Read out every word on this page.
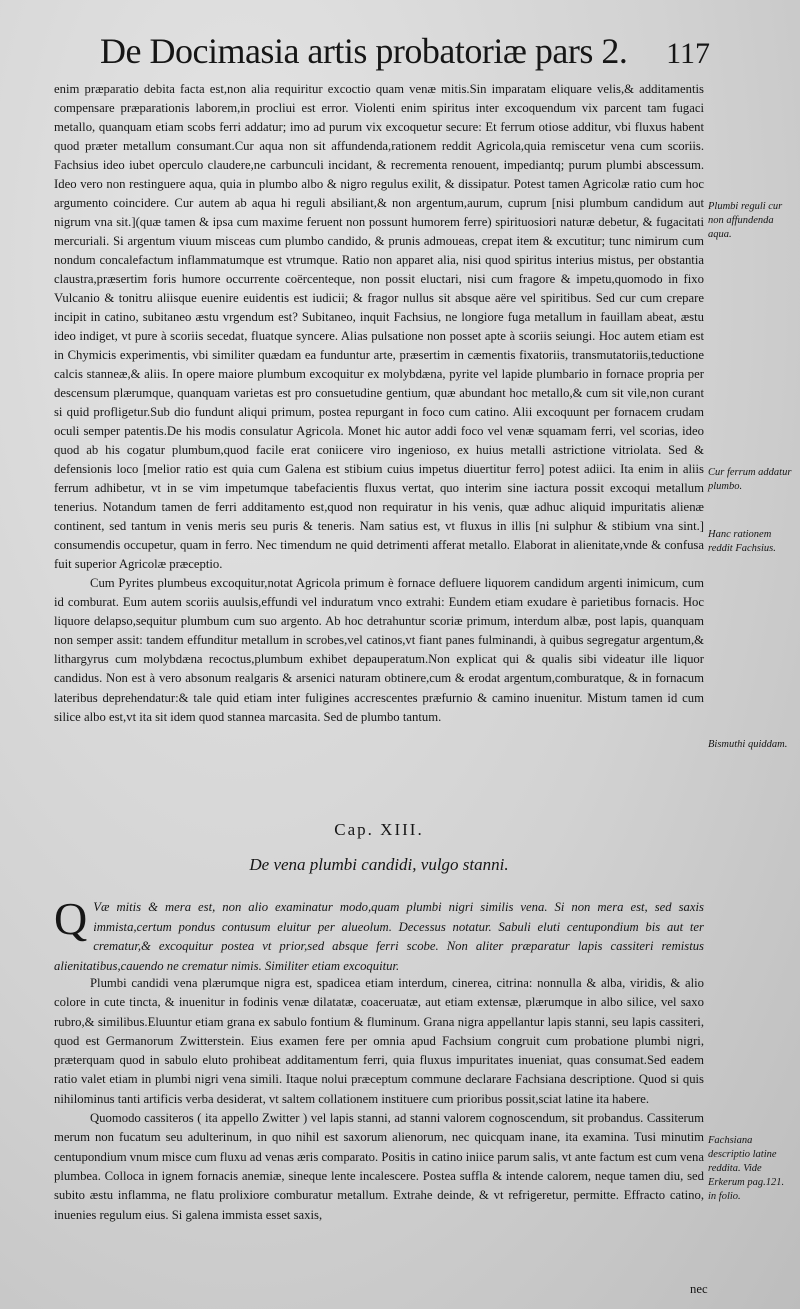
De Docimasia artis probatoriæ pars 2. 117

enim præparatio debita facta est,non alia requiritur excoctio quam venæ mitis.Sin imparatam eliquare velis,& additamentis compensare præparationis laborem,in procliui est error. Violenti enim spiritus inter excoquendum vix parcent tam fugaci metallo, quanquam etiam scobs ferri addatur; imo ad purum vix excoquetur secure: Et ferrum otiose additur, vbi fluxus habent quod præter metallum consumant.Cur aqua non sit affundenda,rationem reddit Agricola,quia remiscetur vena cum scoriis. Fachsius ideo iubet operculo claudere,ne carbunculi incidant, & recrementa renouent, impediantq; purum plumbi abscessum. Ideo vero non restinguere aqua, quia in plumbo albo & nigro regulus exilit, & dissipatur. Potest tamen Agricolæ ratio cum hoc argumento coincidere. Cur autem ab aqua hi reguli absiliant,& non argentum,aurum, cuprum [nisi plumbum candidum aut nigrum vna sit.](quæ tamen & ipsa cum maxime feruent non possunt humorem ferre) spirituosiori naturæ debetur, & fugacitati mercuriali. Si argentum viuum misceas cum plumbo candido, & prunis admoueas, crepat item & excutitur; tunc nimirum cum nondum concalefactum inflammatumque est vtrumque. Ratio non apparet alia, nisi quod spiritus interius mistus, per obstantia claustra,præsertim foris humore occurrente coërcenteque, non possit eluctari, nisi cum fragore & impetu,quomodo in fixo Vulcanio & tonitru aliisque euenire euidentis est iudicii; & fragor nullus sit absque aëre vel spiritibus. Sed cur cum crepare incipit in catino, subitaneo æstu vrgendum est? Subitaneo, inquit Fachsius, ne longiore fuga metallum in fauillam abeat, æstu ideo indiget, vt pure à scoriis secedat, fluatque syncere. Alias pulsatione non posset apte à scoriis seiungi. Hoc autem etiam est in Chymicis experimentis, vbi similiter quædam ea funduntur arte, præsertim in cæmentis fixatoriis, transmutatoriis,teductione calcis stanneæ,& aliis. In opere maiore plumbum excoquitur ex molybdæna, pyrite vel lapide plumbario in fornace propria per descensum plærumque, quanquam varietas est pro consuetudine gentium, quæ abundant hoc metallo,& cum sit vile,non curant si quid profligetur.Sub dio fundunt aliqui primum, postea repurgant in foco cum catino. Alii excoquunt per fornacem crudam oculi semper patentis.De his modis consulatur Agricola. Monet hic autor addi foco vel venæ squamam ferri, vel scorias, ideo quod ab his cogatur plumbum,quod facile erat coniicere viro ingenioso, ex huius metalli astrictione vitriolata. Sed & defensionis loco [melior ratio est quia cum Galena est stibium cuius impetus diuertitur ferro] potest adiici. Ita enim in aliis ferrum adhibetur, vt in se vim impetumque tabefacientis fluxus vertat, quo interim sine iactura possit excoqui metallum tenerius. Notandum tamen de ferri additamento est,quod non requiratur in his venis, quæ adhuc aliquid impuritatis alienæ continent, sed tantum in venis meris seu puris & teneris. Nam satius est, vt fluxus in illis [ni sulphur & stibium vna sint.] consumendis occupetur, quam in ferro. Nec timendum ne quid detrimenti afferat metallo. Elaborat in alienitate,vnde & confusa fuit superior Agricolæ præceptio.

Cum Pyrites plumbeus excoquitur,notat Agricola primum è fornace defluere liquorem candidum argenti inimicum, cum id comburat. Eum autem scoriis auulsis,effundi vel induratum vnco extrahi: Eundem etiam exudare è parietibus fornacis. Hoc liquore delapso,sequitur plumbum cum suo argento. Ab hoc detrahuntur scoriæ primum, interdum albæ, post lapis, quanquam non semper assit: tandem effunditur metallum in scrobes,vel catinos,vt fiant panes fulminandi, à quibus segregatur argentum,& lithargyrus cum molybdæna recoctus,plumbum exhibet depauperatum.Non explicat qui & qualis sibi videatur ille liquor candidus. Non est à vero absonum realgaris & arsenici naturam obtinere,cum & erodat argentum,comburatque, & in fornacum lateribus deprehendatur:& tale quid etiam inter fuligines accrescentes præfurnio & camino inuenitur. Mistum tamen id cum silice albo est,vt ita sit idem quod stannea marcasita. Sed de plumbo tantum.

Plumbi reguli cur non affundenda aqua.
Cur ferrum addatur plumbo.
Hanc rationem reddit Fachsius.
Bismuthi quiddam.
Cap. XIII.
De vena plumbi candidi, vulgo stanni.
Q Væ mitis & mera est, non alio examinatur modo,quam plumbi nigri similis vena. Si non mera est, sed saxis immista,certum pondus contusum eluitur per alueolum. Decessus notatur. Sabuli eluti centupondium bis aut ter crematur,& excoquitur postea vt prior,sed absque ferri scobe. Non aliter præparatur lapis cassiteri remistus alienitatibus,cauendo ne crematur nimis. Similiter etiam excoquitur.

Plumbi candidi vena plærumque nigra est, spadicea etiam interdum, cinerea, citrina: nonnulla & alba, viridis, & alio colore in cute tincta, & inuenitur in fodinis venæ dilatatæ, coaceruatæ, aut etiam extensæ, plærumque in albo silice, vel saxo rubro,& similibus.Eluuntur etiam grana ex sabulo fontium & fluminum. Grana nigra appellantur lapis stanni, seu lapis cassiteri, quod est Germanorum Zwitterstein. Eius examen fere per omnia apud Fachsium congruit cum probatione plumbi nigri, præterquam quod in sabulo eluto prohibeat additamentum ferri, quia fluxus impuritates inueniat, quas consumat.Sed eadem ratio valet etiam in plumbi nigri vena simili. Itaque nolui præceptum commune declarare Fachsiana descriptione. Quod si quis nihilominus tanti artificis verba desiderat, vt saltem collationem instituere cum prioribus possit,sciat latine ita habere.

Quomodo cassiteros ( ita appello Zwitter ) vel lapis stanni, ad stanni valorem cognoscendum, sit probandus. Cassiterum merum non fucatum seu adulterinum, in quo nihil est saxorum alienorum, nec quicquam inane, ita examina. Tusi minutim centupondium vnum misce cum fluxu ad venas æris comparato. Positis in catino iniice parum salis, vt ante factum est cum vena plumbea. Colloca in ignem fornacis anemiæ, sineque lente incalescere. Postea suffla & intende calorem, neque tamen diu, sed subito æstu inflamma, ne flatu prolixiore comburatur metallum. Extrahe deinde, & vt refrigeretur, permitte. Effracto catino, inuenies regulum eius. Si galena immista esset saxis,

Fachsiana descriptio latine reddita. Vide Erkerum pag.121. in folio.
nec
